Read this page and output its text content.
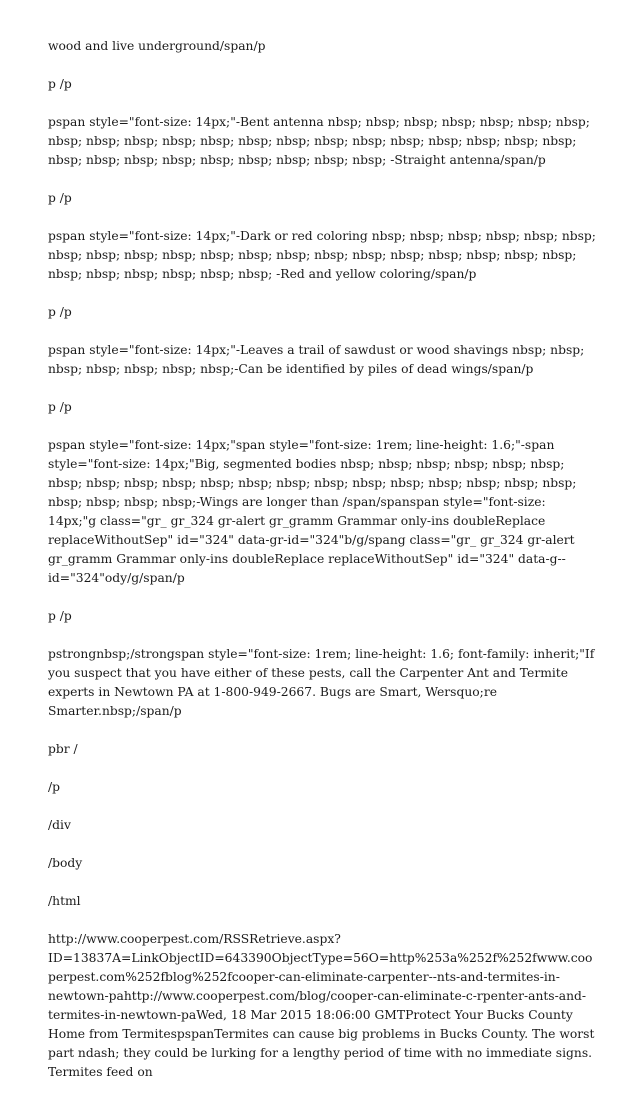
wood and live underground/span/p

p /p

pspan style="font-size: 14px;"-Bent antenna nbsp; nbsp; nbsp; nbsp; nbsp; nbsp; nbsp; nbsp; nbsp; nbsp; nbsp; nbsp; nbsp; nbsp; nbsp; nbsp; nbsp; nbsp; nbsp; nbsp; nbsp; nbsp; nbsp; nbsp; nbsp; nbsp; nbsp; nbsp; nbsp; nbsp; -Straight antenna/span/p

p /p

pspan style="font-size: 14px;"-Dark or red coloring nbsp; nbsp; nbsp; nbsp; nbsp; nbsp; nbsp; nbsp; nbsp; nbsp; nbsp; nbsp; nbsp; nbsp; nbsp; nbsp; nbsp; nbsp; nbsp; nbsp; nbsp; nbsp; nbsp; nbsp; nbsp; nbsp; -Red and yellow coloring/span/p

p /p

pspan style="font-size: 14px;"-Leaves a trail of sawdust or wood shavings nbsp; nbsp; nbsp; nbsp; nbsp; nbsp; nbsp;-Can be identified by piles of dead wings/span/p

p /p

pspan style="font-size: 14px;"span style="font-size: 1rem; line-height: 1.6;"-span style="font-size: 14px;"Big, segmented bodies nbsp; nbsp; nbsp; nbsp; nbsp; nbsp; nbsp; nbsp; nbsp; nbsp; nbsp; nbsp; nbsp; nbsp; nbsp; nbsp; nbsp; nbsp; nbsp; nbsp; nbsp; nbsp; nbsp; nbsp;-Wings are longer than /span/spanspan style="font-size: 14px;"g class="gr_ gr_324 gr-alert gr_gramm Grammar only-ins doubleReplace replaceWithoutSep" id="324" data-gr-id="324"b/g/spang class="gr_ gr_324 gr-alert gr_gramm Grammar only-ins doubleReplace replaceWithoutSep" id="324" data-g--id="324"ody/g/span/p

p /p

pstrongnbsp;/strongspan style="font-size: 1rem; line-height: 1.6; font-family: inherit;"If you suspect that you have either of these pests, call the Carpenter Ant and Termite experts in Newtown PA at 1-800-949-2667. Bugs are Smart, Wersquo;re Smarter.nbsp;/span/p

pbr /

/p

/div

/body

/html

http://www.cooperpest.com/RSSRetrieve.aspx?ID=13837A=LinkObjectID=643390ObjectType=56O=http%253a%252f%252fwww.cooperpest.com%252fblog%252fcooper-can-eliminate-carpenter--nts-and-termites-in-newtown-pahttp://www.cooperpest.com/blog/cooper-can-eliminate-c-rpenter-ants-and-termites-in-newtown-paWed, 18 Mar 2015 18:06:00 GMTProtect Your Bucks County Home from TermitespspanTermites can cause big problems in Bucks County. The worst part ndash; they could be lurking for a lengthy period of time with no immediate signs. Termites feed on
